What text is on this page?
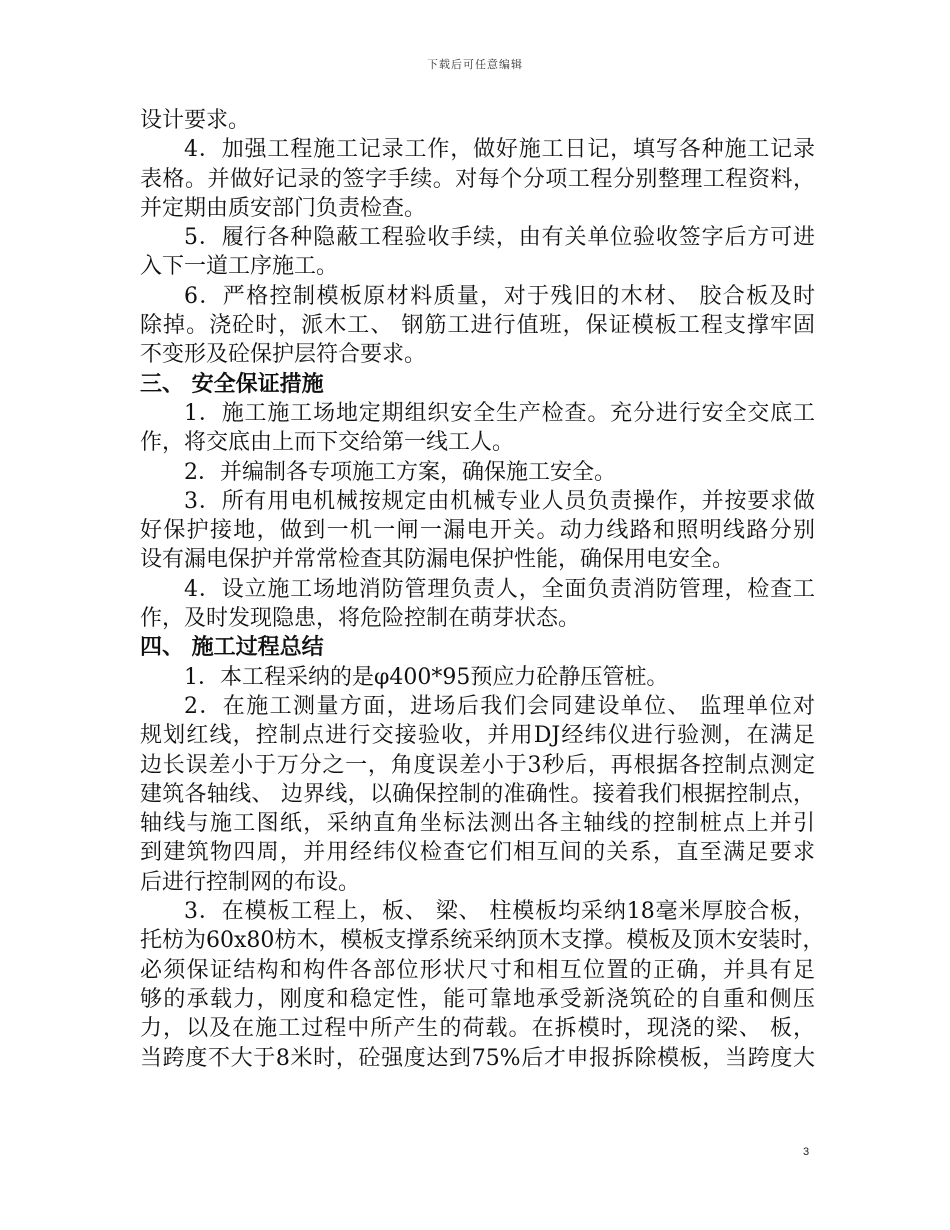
下载后可任意编辑
设计要求。
4．加强工程施工记录工作，做好施工日记，填写各种施工记录
表格。并做好记录的签字手续。对每个分项工程分别整理工程资料，
并定期由质安部门负责检查。
5．履行各种隐蔽工程验收手续，由有关单位验收签字后方可进
入下一道工序施工。
6．严格控制模板原材料质量，对于残旧的木材、 胶合板及时
除掉。浇砼时，派木工、 钢筋工进行值班，保证模板工程支撑牢固
不变形及砼保护层符合要求。
三、 安全保证措施
1．施工施工场地定期组织安全生产检查。充分进行安全交底工
作，将交底由上而下交给第一线工人。
2．并编制各专项施工方案，确保施工安全。
3．所有用电机械按规定由机械专业人员负责操作，并按要求做
好保护接地，做到一机一闸一漏电开关。动力线路和照明线路分别
设有漏电保护并常常检查其防漏电保护性能，确保用电安全。
4．设立施工场地消防管理负责人，全面负责消防管理，检查工
作，及时发现隐患，将危险控制在萌芽状态。
四、 施工过程总结
1．本工程采纳的是φ400*95预应力砼静压管桩。
2．在施工测量方面，进场后我们会同建设单位、 监理单位对
规划红线，控制点进行交接验收，并用DJ经纬仪进行验测，在满足
边长误差小于万分之一，角度误差小于3秒后，再根据各控制点测定
建筑各轴线、 边界线，以确保控制的准确性。接着我们根据控制点，
轴线与施工图纸，采纳直角坐标法测出各主轴线的控制桩点上并引
到建筑物四周，并用经纬仪检查它们相互间的关系，直至满足要求
后进行控制网的布设。
3．在模板工程上，板、 梁、 柱模板均采纳18毫米厚胶合板，
托枋为60x80枋木，模板支撑系统采纳顶木支撑。模板及顶木安装时，
必须保证结构和构件各部位形状尺寸和相互位置的正确，并具有足
够的承载力，刚度和稳定性，能可靠地承受新浇筑砼的自重和侧压
力，以及在施工过程中所产生的荷载。在拆模时，现浇的梁、 板，
当跨度不大于8米时，砼强度达到75%后才申报拆除模板，当跨度大
3
